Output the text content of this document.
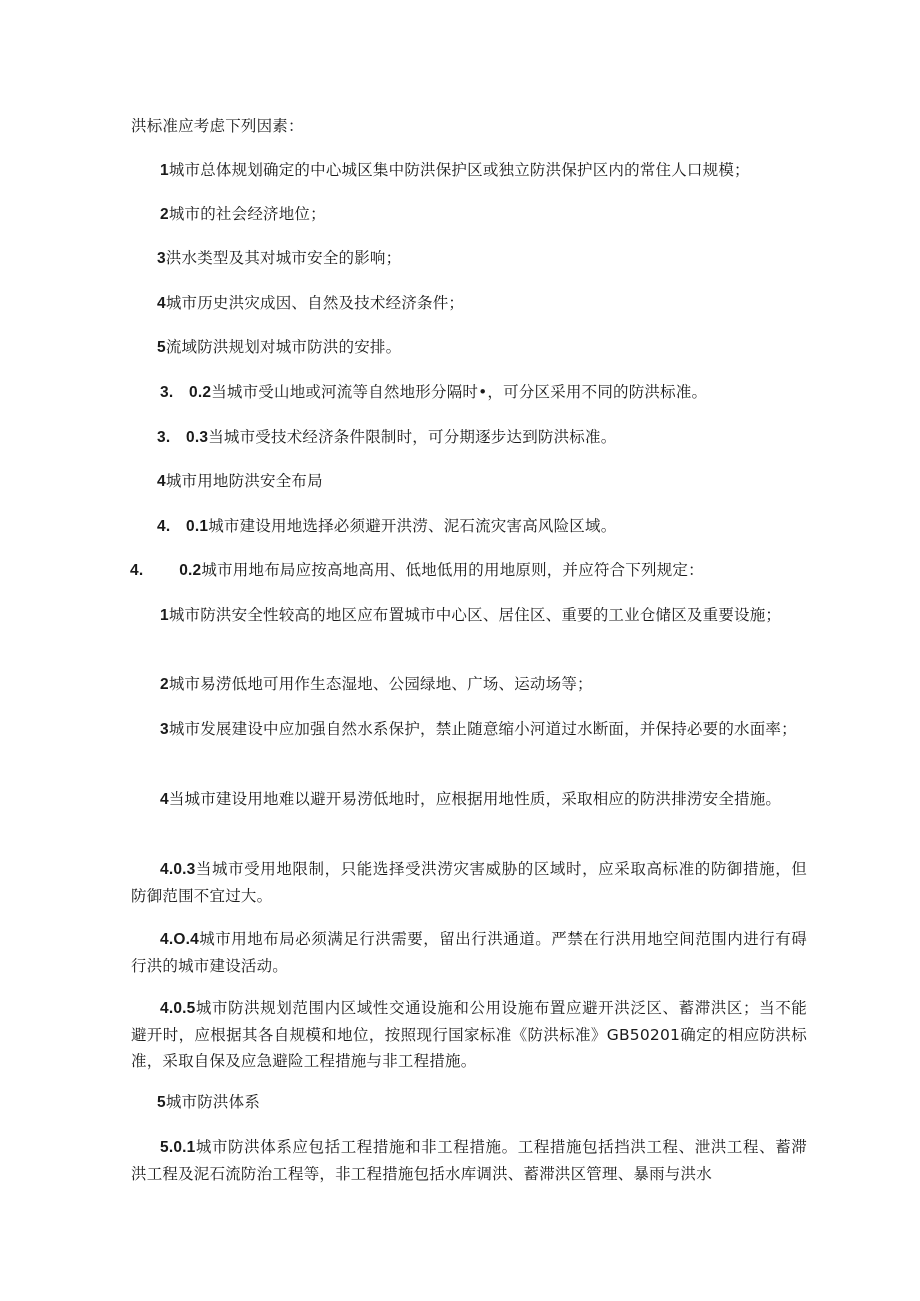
洪标准应考虑下列因素：
1城市总体规划确定的中心城区集中防洪保护区或独立防洪保护区内的常住人口规模；
2城市的社会经济地位；
3洪水类型及其对城市安全的影响；
4城市历史洪灾成因、自然及技术经济条件；
5流域防洪规划对城市防洪的安排。
3.　0.2当城市受山地或河流等自然地形分隔时•，可分区采用不同的防洪标准。
3.　0.3当城市受技术经济条件限制时，可分期逐步达到防洪标准。
4城市用地防洪安全布局
4.　0.1城市建设用地选择必须避开洪涝、泥石流灾害高风险区域。
4.　　 0.2城市用地布局应按高地高用、低地低用的用地原则，并应符合下列规定：
1城市防洪安全性较高的地区应布置城市中心区、居住区、重要的工业仓储区及重要设施；
2城市易涝低地可用作生态湿地、公园绿地、广场、运动场等；
3城市发展建设中应加强自然水系保护，禁止随意缩小河道过水断面，并保持必要的水面率；
4当城市建设用地难以避开易涝低地时，应根据用地性质，采取相应的防洪排涝安全措施。
4.0.3当城市受用地限制，只能选择受洪涝灾害威胁的区域时，应采取高标准的防御措施，但防御范围不宜过大。
4.O.4城市用地布局必须满足行洪需要，留出行洪通道。严禁在行洪用地空间范围内进行有碍行洪的城市建设活动。
4.0.5城市防洪规划范围内区域性交通设施和公用设施布置应避开洪泛区、蓄滞洪区；当不能避开时，应根据其各自规模和地位，按照现行国家标准《防洪标准》GB50201确定的相应防洪标准，采取自保及应急避险工程措施与非工程措施。
5城市防洪体系
5.0.1城市防洪体系应包括工程措施和非工程措施。工程措施包括挡洪工程、泄洪工程、蓄滞洪工程及泥石流防治工程等，非工程措施包括水库调洪、蓄滞洪区管理、暴雨与洪水
